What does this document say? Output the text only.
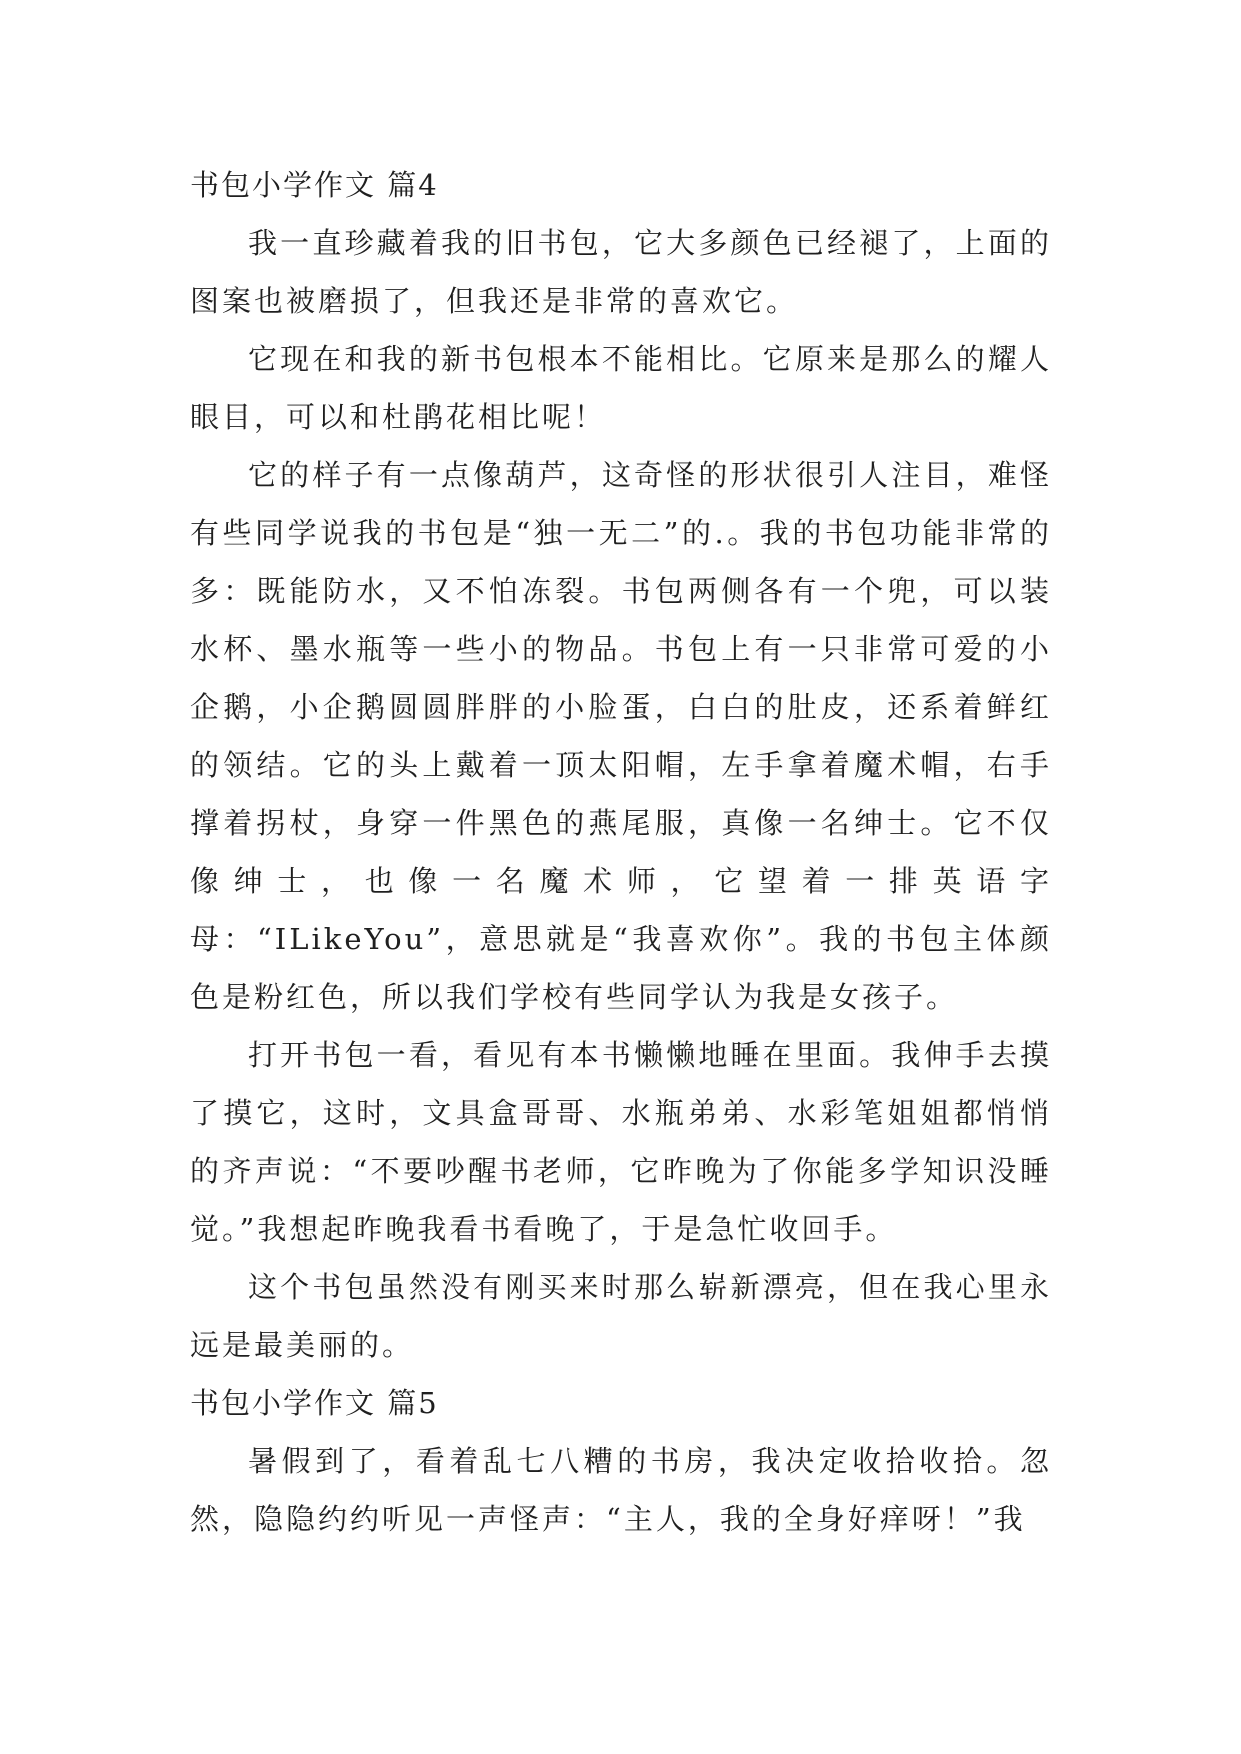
书包小学作文 篇4

我一直珍藏着我的旧书包，它大多颜色已经褪了，上面的图案也被磨损了，但我还是非常的喜欢它。

它现在和我的新书包根本不能相比。它原来是那么的耀人眼目，可以和杜鹃花相比呢！

它的样子有一点像葫芦，这奇怪的形状很引人注目，难怪有些同学说我的书包是“独一无二”的.。我的书包功能非常的多：既能防水，又不怕冻裂。书包两侧各有一个兜，可以装水杯、墨水瓶等一些小的物品。书包上有一只非常可爱的小企鹅，小企鹅圆圆胖胖的小脸蛋，白白的肚皮，还系着鲜红的领结。它的头上戴着一顶太阳帽，左手拿着魔术帽，右手撑着拐杖，身穿一件黑色的燕尾服，真像一名绅士。它不仅像绅士，也像一名魔术师，它望着一排英语字母：“ILikeYou”，意思就是“我喜欢你”。我的书包主体颜色是粉红色，所以我们学校有些同学认为我是女孩子。

打开书包一看，看见有本书懒懒地睡在里面。我伸手去摸了摸它，这时，文具盒哥哥、水瓶弟弟、水彩笔姐姐都悄悄的齐声说：“不要吵醒书老师，它昨晚为了你能多学知识没睡觉。”我想起昨晚我看书看晚了，于是急忙收回手。

这个书包虽然没有刚买来时那么崭新漂亮，但在我心里永远是最美丽的。

书包小学作文 篇5

暑假到了，看着乱七八糟的书房，我决定收拾收拾。忽然，隐隐约约听见一声怪声：“主人，我的全身好痒呀！”我
